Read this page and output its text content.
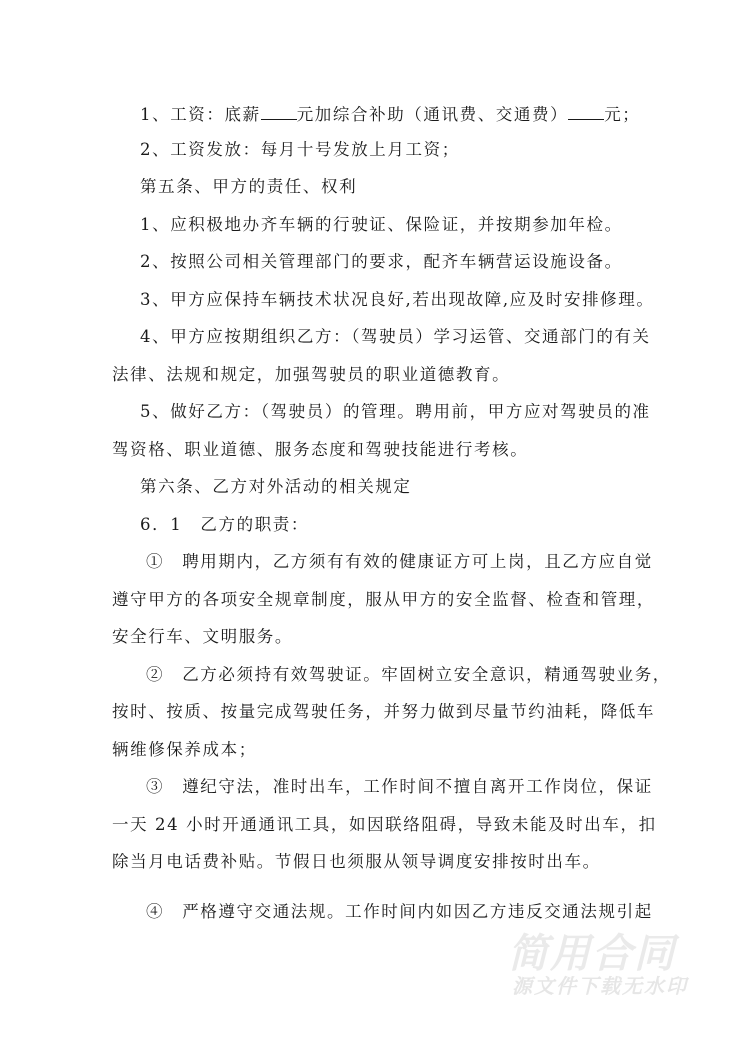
1、工资：底薪 元加综合补助（通讯费、交通费） 元；
2、工资发放：每月十号发放上月工资；
第五条、甲方的责任、权利
1、应积极地办齐车辆的行驶证、保险证，并按期参加年检。
2、按照公司相关管理部门的要求，配齐车辆营运设施设备。
3、甲方应保持车辆技术状况良好,若出现故障,应及时安排修理。
4、甲方应按期组织乙方：（驾驶员）学习运管、交通部门的有关
法律、法规和规定，加强驾驶员的职业道德教育。
5、做好乙方：（驾驶员）的管理。聘用前，甲方应对驾驶员的准
驾资格、职业道德、服务态度和驾驶技能进行考核。
第六条、乙方对外活动的相关规定
6．1　乙方的职责：
①　聘用期内，乙方须有有效的健康证方可上岗，且乙方应自觉
遵守甲方的各项安全规章制度，服从甲方的安全监督、检查和管理，
安全行车、文明服务。
②　乙方必须持有效驾驶证。牢固树立安全意识，精通驾驶业务，
按时、按质、按量完成驾驶任务，并努力做到尽量节约油耗，降低车
辆维修保养成本；
③　遵纪守法，准时出车，工作时间不擅自离开工作岗位，保证
一天 24 小时开通通讯工具，如因联络阻碍，导致未能及时出车，扣
除当月电话费补贴。节假日也须服从领导调度安排按时出车。
④　严格遵守交通法规。工作时间内如因乙方违反交通法规引起
简用合同
源文件下载无水印
